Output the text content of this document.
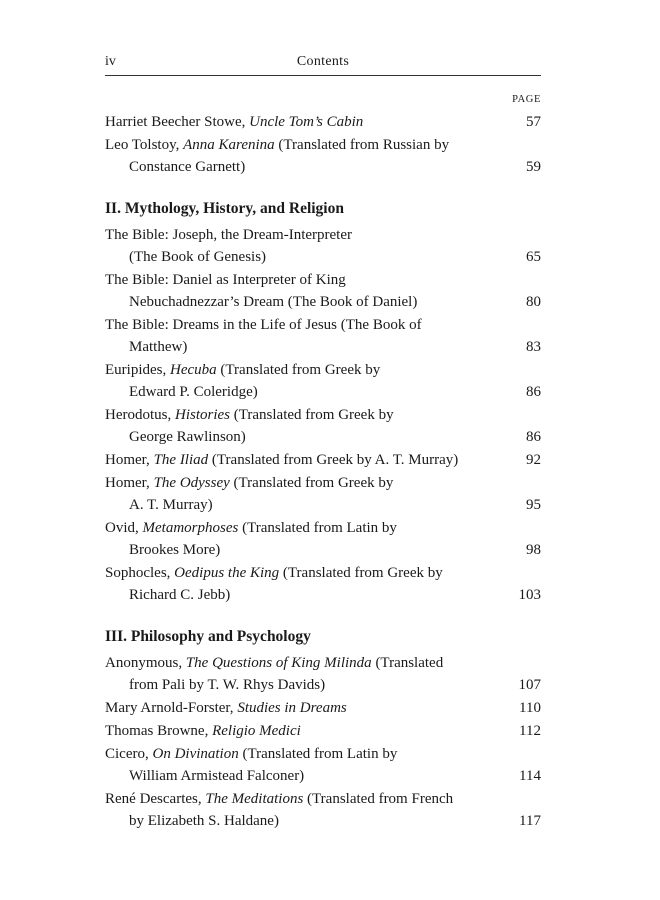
iv	Contents
PAGE
Harriet Beecher Stowe, Uncle Tom’s Cabin	57
Leo Tolstoy, Anna Karenina (Translated from Russian by
Constance Garnett)	59
II. Mythology, History, and Religion
The Bible: Joseph, the Dream-Interpreter
(The Book of Genesis)	65
The Bible: Daniel as Interpreter of King
Nebuchadnezzar’s Dream (The Book of Daniel)	80
The Bible: Dreams in the Life of Jesus (The Book of
Matthew)	83
Euripides, Hecuba (Translated from Greek by
Edward P. Coleridge)	86
Herodotus, Histories (Translated from Greek by
George Rawlinson)	86
Homer, The Iliad (Translated from Greek by A. T. Murray)	92
Homer, The Odyssey (Translated from Greek by
A. T. Murray)	95
Ovid, Metamorphoses (Translated from Latin by
Brookes More)	98
Sophocles, Oedipus the King (Translated from Greek by
Richard C. Jebb)	103
III. Philosophy and Psychology
Anonymous, The Questions of King Milinda (Translated
from Pali by T. W. Rhys Davids)	107
Mary Arnold-Forster, Studies in Dreams	110
Thomas Browne, Religio Medici	112
Cicero, On Divination (Translated from Latin by
William Armistead Falconer)	114
René Descartes, The Meditations (Translated from French
by Elizabeth S. Haldane)	117
